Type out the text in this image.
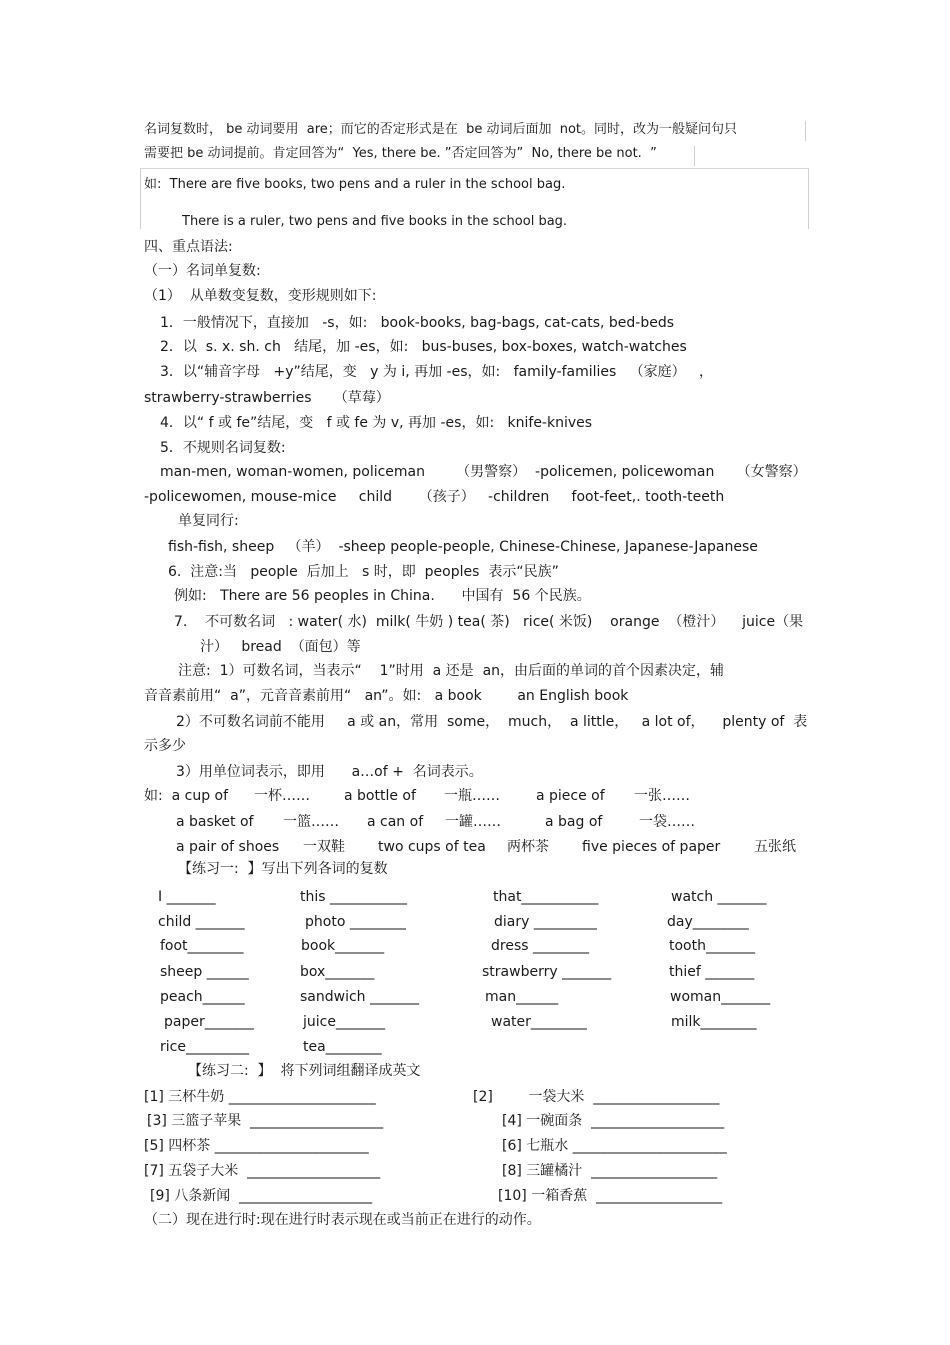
名词复数时， be 动词要用  are；而它的否定形式是在  be 动词后面加  not。同时，改为一般疑问句只

需要把 be 动词提前。肯定回答为“  Yes, there be. ”否定回答为”  No, there be not.  ”

如:  There are five books, two pens and a ruler in the school bag.

There is a ruler, two pens and five books in the school bag.

四、重点语法:

（一）名词单复数:

（1）  从单数变复数，变形规则如下:

1．一般情况下，直接加   -s，如:   book-books, bag-bags, cat-cats, bed-beds

2．以  s. x. sh. ch   结尾，加 -es，如:   bus-buses, box-boxes, watch-watches

3．以“辅音字母   +y”结尾，变   y 为 i, 再加 -es，如:   family-families   （家庭）   ，

strawberry-strawberries     （草莓）

4．以“ f 或 fe”结尾，变   f 或 fe 为 v, 再加 -es，如:   knife-knives

5．不规则名词复数:

man-men, woman-women, policeman       （男警察）  -policemen, policewoman     （女警察）

-policewomen, mouse-mice     child      （孩子）   -children     foot-feet,. tooth-teeth

单复同行:

fish-fish, sheep   （羊）  -sheep people-people, Chinese-Chinese, Japanese-Japanese

6.  注意:当   people  后加上   s 时，即  peoples  表示“民族”

例如:   There are 56 peoples in China.      中国有  56 个民族。

7.    不可数名词   : water( 水)  milk( 牛奶 ) tea( 茶)   rice( 米饭)    orange  （橙汁）    juice（果

汁）   bread  （面包）等

注意:  1）可数名词，当表示“    1”时用  a 还是  an，由后面的单词的首个因素决定，辅

音音素前用“  a”，元音音素前用“   an”。如:   a book        an English book

2）不可数名词前不能用     a 或 an，常用  some，  much，  a little，   a lot of，    plenty of  表

示多少

3）用单位词表示，即用      a…of +  名词表示。

如:  a cup of 一杯…… a bottle of 一瓶……	a piece of 一张……
a basket of 一篮…… a can of 一罐……	a bag of	一袋……
a pair of shoes 一双鞋 two cups of tea 两杯茶 five pieces of paper 五张纸

【练习一:  】写出下列各词的复数

I _______	this ___________	that___________	watch _______
child _______	photo ________	diary _________	day________
foot________	book_______	dress ________	tooth_______
sheep ______	box_______	strawberry _______	thief _______
peach______	sandwich _______	man______	woman_______
paper_______	juice_______	water________	milk________
rice_________	tea________

【练习二:  】  将下列词组翻译成英文

[1] 三杯牛奶 _____________________	[2]        一袋大米  __________________
[3] 三篮子苹果  ___________________	[4] 一碗面条  ___________________
[5] 四杯茶 ______________________	[6] 七瓶水 ______________________
[7] 五袋子大米  ___________________	[8] 三罐橘汁  __________________
[9] 八条新闻  ___________________	[10] 一箱香蕉  __________________

（二）现在进行时:现在进行时表示现在或当前正在进行的动作。
